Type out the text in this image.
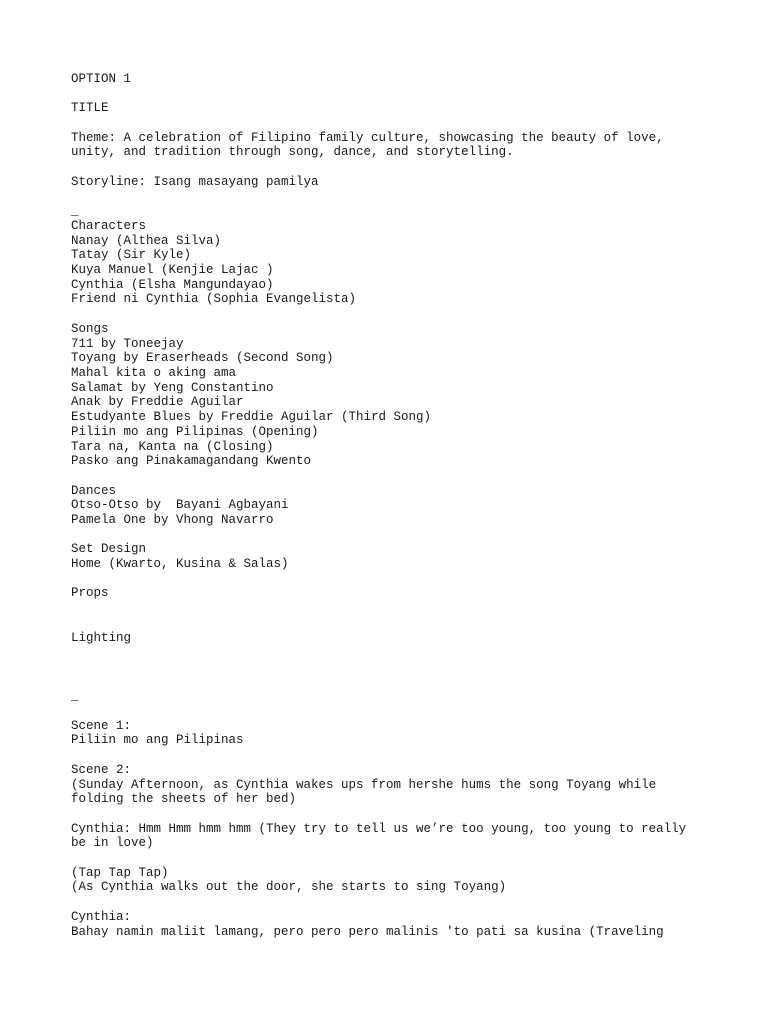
OPTION 1
TITLE
Theme: A celebration of Filipino family culture, showcasing the beauty of love,
unity, and tradition through song, dance, and storytelling.
Storyline: Isang masayang pamilya
_
Characters
Nanay (Althea Silva)
Tatay (Sir Kyle)
Kuya Manuel (Kenjie Lajac )
Cynthia (Elsha Mangundayao)
Friend ni Cynthia (Sophia Evangelista)
Songs
711 by Toneejay
Toyang by Eraserheads (Second Song)
Mahal kita o aking ama
Salamat by Yeng Constantino
Anak by Freddie Aguilar
Estudyante Blues by Freddie Aguilar (Third Song)
Piliin mo ang Pilipinas (Opening)
Tara na, Kanta na (Closing)
Pasko ang Pinakamagandang Kwento
Dances
Otso-Otso by  Bayani Agbayani
Pamela One by Vhong Navarro
Set Design
Home (Kwarto, Kusina & Salas)
Props
Lighting
_
Scene 1:
Piliin mo ang Pilipinas
Scene 2:
(Sunday Afternoon, as Cynthia wakes ups from hershe hums the song Toyang while
folding the sheets of her bed)
Cynthia: Hmm Hmm hmm hmm (They try to tell us we’re too young, too young to really
be in love)
(Tap Tap Tap)
(As Cynthia walks out the door, she starts to sing Toyang)
Cynthia:
Bahay namin maliit lamang, pero pero pero malinis 'to pati sa kusina (Traveling
